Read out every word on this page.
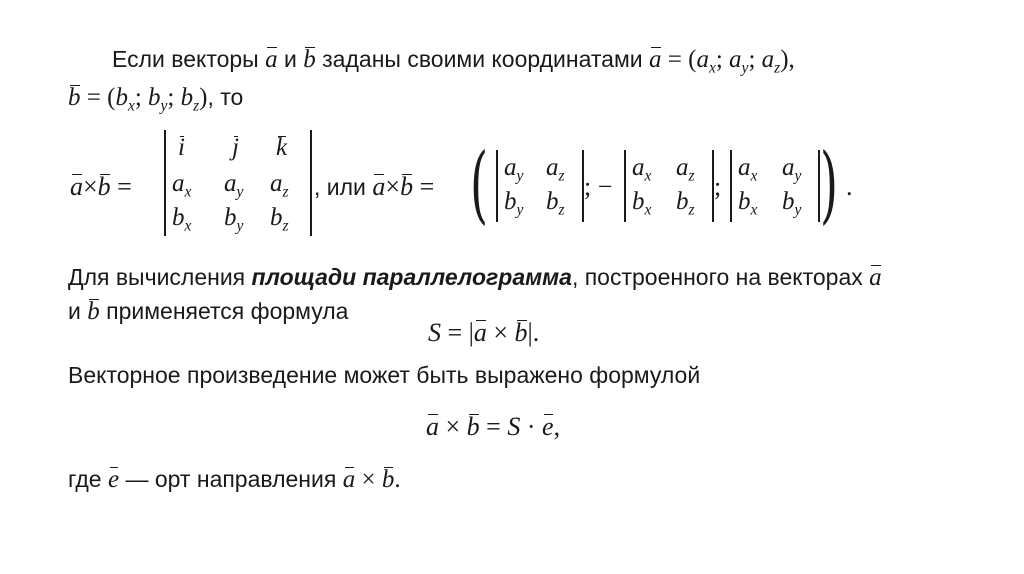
Если векторы a и b заданы своими координатами $a = (a_x$; $a_y$; $a_z$),
$b = (b_x$; $b_y$; $b_z$), то
a×b =
i j k
$a_x$ $a_y$ $a_z$
$b_x$ $b_y$ $b_z$
, или a×b = ( $a_y$ $a_z$
$b_y$ $b_z$
; −
$a_x$ $a_z$
$b_x$ $b_z$
;
$a_x$ $a_y$
$b_x$ $b_y$ ) .
Для вычисления площади параллелограмма, построенного на векторах a
и b применяется формула
S = |a × b|.
Векторное произведение может быть выражено формулой
a × b = S · e,
где e — орт направления a × b.
